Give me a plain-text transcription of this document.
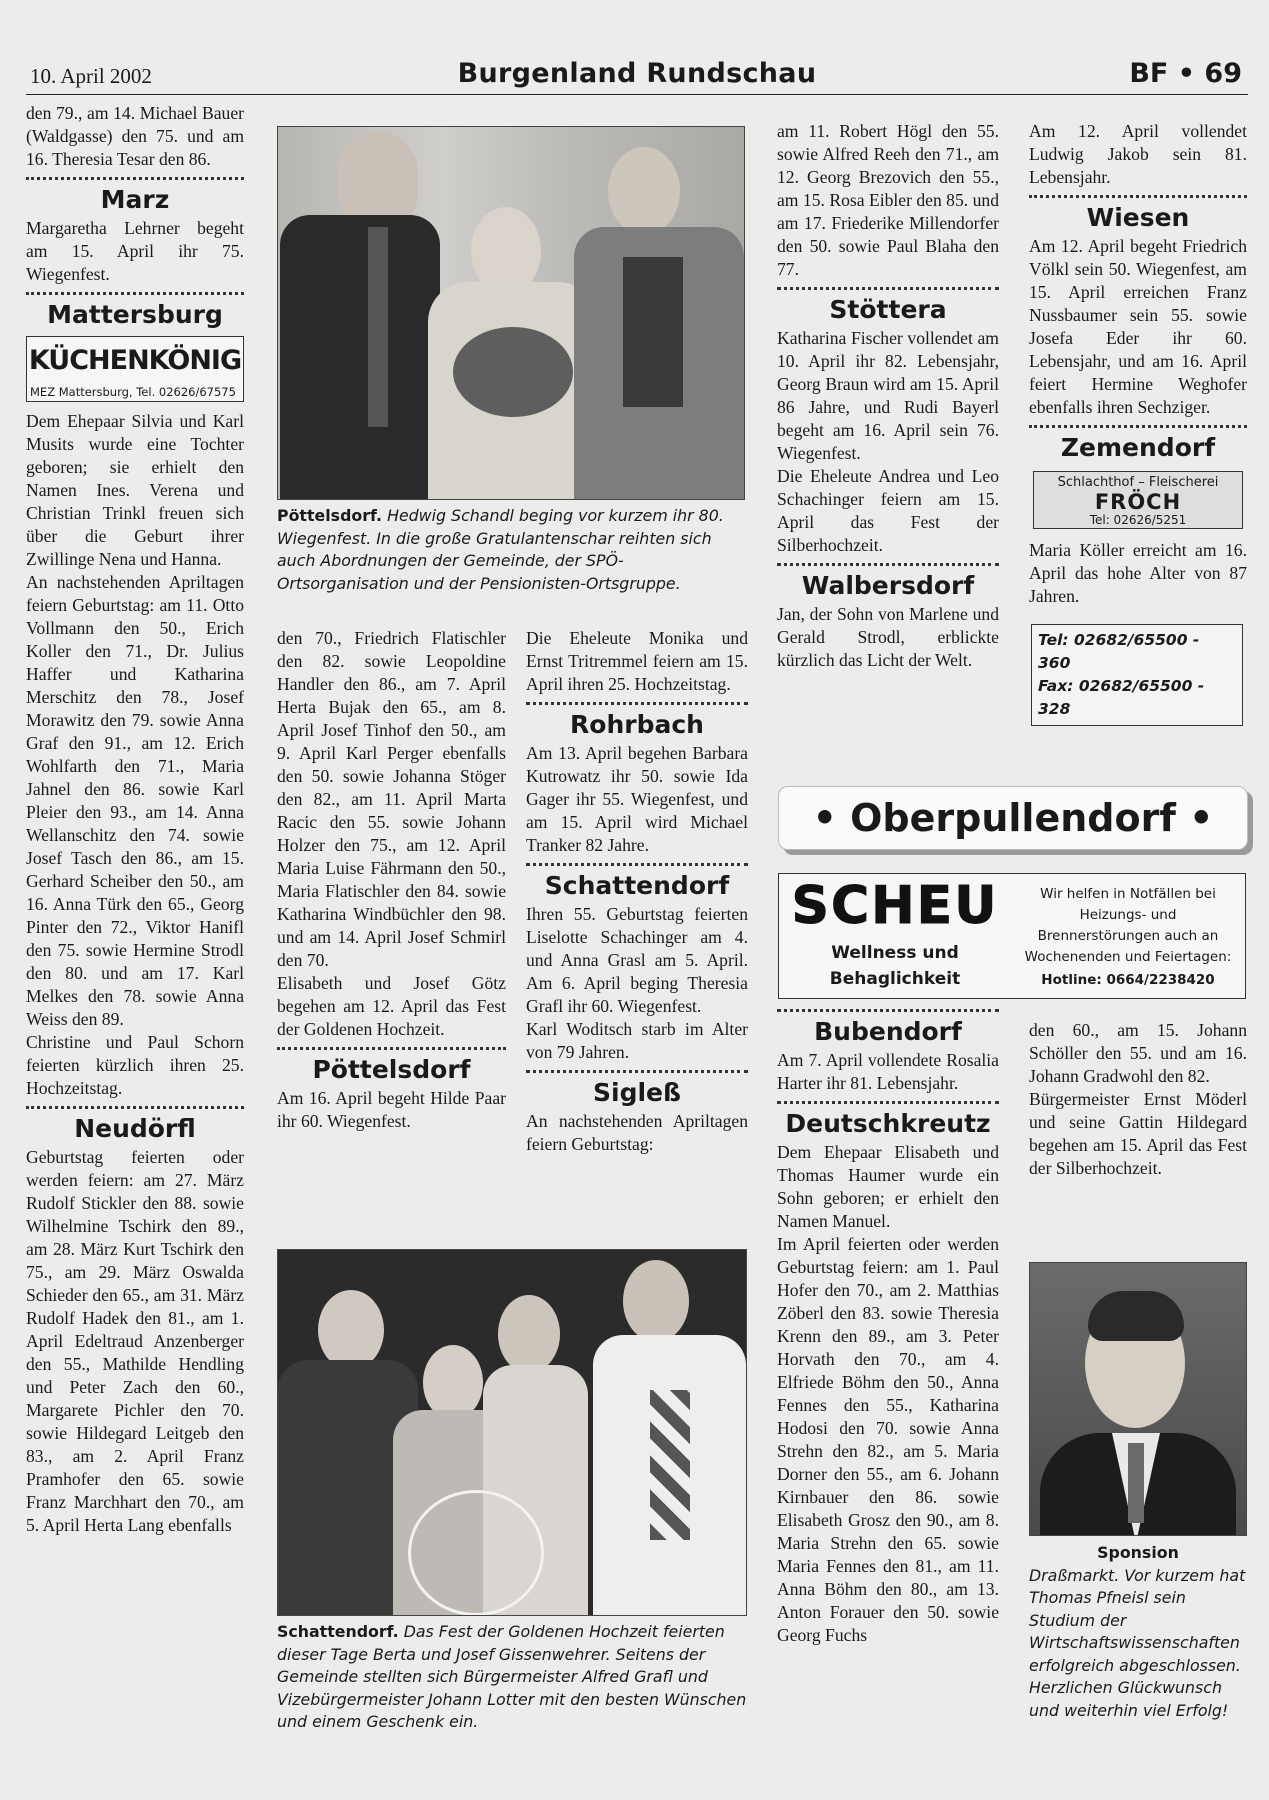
10. April 2002	Burgenland Rundschau	BF • 69

den 79., am 14. Michael Bauer (Waldgasse) den 75. und am 16. Theresia Tesar den 86.

Marz

Margaretha Lehrner begeht am 15. April ihr 75. Wiegenfest.

Mattersburg
KÜCHENKÖNIG
MEZ Mattersburg, Tel. 02626/67575

Dem Ehepaar Silvia und Karl Musits wurde eine Tochter geboren; sie erhielt den Namen Ines. Verena und Christian Trinkl freuen sich über die Geburt ihrer Zwillinge Nena und Hanna.

An nachstehenden Apriltagen feiern Geburtstag: am 11. Otto Vollmann den 50., Erich Koller den 71., Dr. Julius Haffer und Katharina Merschitz den 78., Josef Morawitz den 79. sowie Anna Graf den 91., am 12. Erich Wohlfarth den 71., Maria Jahnel den 86. sowie Karl Pleier den 93., am 14. Anna Wellanschitz den 74. sowie Josef Tasch den 86., am 15. Gerhard Scheiber den 50., am 16. Anna Türk den 65., Georg Pinter den 72., Viktor Hanifl den 75. sowie Hermine Strodl den 80. und am 17. Karl Melkes den 78. sowie Anna Weiss den 89.

Christine und Paul Schorn feierten kürzlich ihren 25. Hochzeitstag.

Neudörfl

Geburtstag feierten oder werden feiern: am 27. März Rudolf Stickler den 88. sowie Wilhelmine Tschirk den 89., am 28. März Kurt Tschirk den 75., am 29. März Oswalda Schieder den 65., am 31. März Rudolf Hadek den 81., am 1. April Edeltraud Anzenberger den 55., Mathilde Hendling und Peter Zach den 60., Margarete Pichler den 70. sowie Hildegard Leitgeb den 83., am 2. April Franz Pramhofer den 65. sowie Franz Marchhart den 70., am 5. April Herta Lang ebenfalls

Pöttelsdorf. Hedwig Schandl beging vor kurzem ihr 80. Wiegenfest. In die große Gratulantenschar reihten sich auch Abordnungen der Gemeinde, der SPÖ-Ortsorganisation und der Pensionisten-Ortsgruppe.

den 70., Friedrich Flatischler den 82. sowie Leopoldine Handler den 86., am 7. April Herta Bujak den 65., am 8. April Josef Tinhof den 50., am 9. April Karl Perger ebenfalls den 50. sowie Johanna Stöger den 82., am 11. April Marta Racic den 55. sowie Johann Holzer den 75., am 12. April Maria Luise Fährmann den 50., Maria Flatischler den 84. sowie Katharina Windbüchler den 98. und am 14. April Josef Schmirl den 70.

Elisabeth und Josef Götz begehen am 12. April das Fest der Goldenen Hochzeit.

Pöttelsdorf

Am 16. April begeht Hilde Paar ihr 60. Wiegenfest.

Die Eheleute Monika und Ernst Tritremmel feiern am 15. April ihren 25. Hochzeitstag.

Rohrbach

Am 13. April begehen Barbara Kutrowatz ihr 50. sowie Ida Gager ihr 55. Wiegenfest, und am 15. April wird Michael Tranker 82 Jahre.

Schattendorf

Ihren 55. Geburtstag feierten Liselotte Schachinger am 4. und Anna Grasl am 5. April. Am 6. April beging Theresia Grafl ihr 60. Wiegenfest.

Karl Woditsch starb im Alter von 79 Jahren.

Sigleß

An nachstehenden Apriltagen feiern Geburtstag:

Schattendorf. Das Fest der Goldenen Hochzeit feierten dieser Tage Berta und Josef Gissenwehrer. Seitens der Gemeinde stellten sich Bürgermeister Alfred Grafl und Vizebürgermeister Johann Lotter mit den besten Wünschen und einem Geschenk ein.

am 11. Robert Högl den 55. sowie Alfred Reeh den 71., am 12. Georg Brezovich den 55., am 15. Rosa Eibler den 85. und am 17. Friederike Millendorfer den 50. sowie Paul Blaha den 77.

Stöttera

Katharina Fischer vollendet am 10. April ihr 82. Lebensjahr, Georg Braun wird am 15. April 86 Jahre, und Rudi Bayerl begeht am 16. April sein 76. Wiegenfest.

Die Eheleute Andrea und Leo Schachinger feiern am 15. April das Fest der Silberhochzeit.

Walbersdorf

Jan, der Sohn von Marlene und Gerald Strodl, erblickte kürzlich das Licht der Welt.

Am 12. April vollendet Ludwig Jakob sein 81. Lebensjahr.

Wiesen

Am 12. April begeht Friedrich Völkl sein 50. Wiegenfest, am 15. April erreichen Franz Nussbaumer sein 55. sowie Josefa Eder ihr 60. Lebensjahr, und am 16. April feiert Hermine Weghofer ebenfalls ihren Sechziger.

Zemendorf
Schlachthof – Fleischerei
FRÖCH
Tel: 02626/5251

Maria Köller erreicht am 16. April das hohe Alter von 87 Jahren.

Tel: 02682/65500 - 360
Fax: 02682/65500 - 328
• Oberpullendorf •
SCHEU
Wellness und
Behaglichkeit
Wir helfen in Notfällen bei Heizungs- und Brennerstörungen auch an Wochenenden und Feiertagen:
Hotline: 0664/2238420
Bubendorf

Am 7. April vollendete Rosalia Harter ihr 81. Lebensjahr.

Deutschkreutz

Dem Ehepaar Elisabeth und Thomas Haumer wurde ein Sohn geboren; er erhielt den Namen Manuel.

Im April feierten oder werden Geburtstag feiern: am 1. Paul Hofer den 70., am 2. Matthias Zöberl den 83. sowie Theresia Krenn den 89., am 3. Peter Horvath den 70., am 4. Elfriede Böhm den 50., Anna Fennes den 55., Katharina Hodosi den 70. sowie Anna Strehn den 82., am 5. Maria Dorner den 55., am 6. Johann Kirnbauer den 86. sowie Elisabeth Grosz den 90., am 8. Maria Strehn den 65. sowie Maria Fennes den 81., am 11. Anna Böhm den 80., am 13. Anton Forauer den 50. sowie Georg Fuchs

den 60., am 15. Johann Schöller den 55. und am 16. Johann Gradwohl den 82.

Bürgermeister Ernst Möderl und seine Gattin Hildegard begehen am 15. April das Fest der Silberhochzeit.

Sponsion
Draßmarkt. Vor kurzem hat Thomas Pfneisl sein Studium der Wirtschaftswissenschaften erfolgreich abgeschlossen. Herzlichen Glückwunsch und weiterhin viel Erfolg!
